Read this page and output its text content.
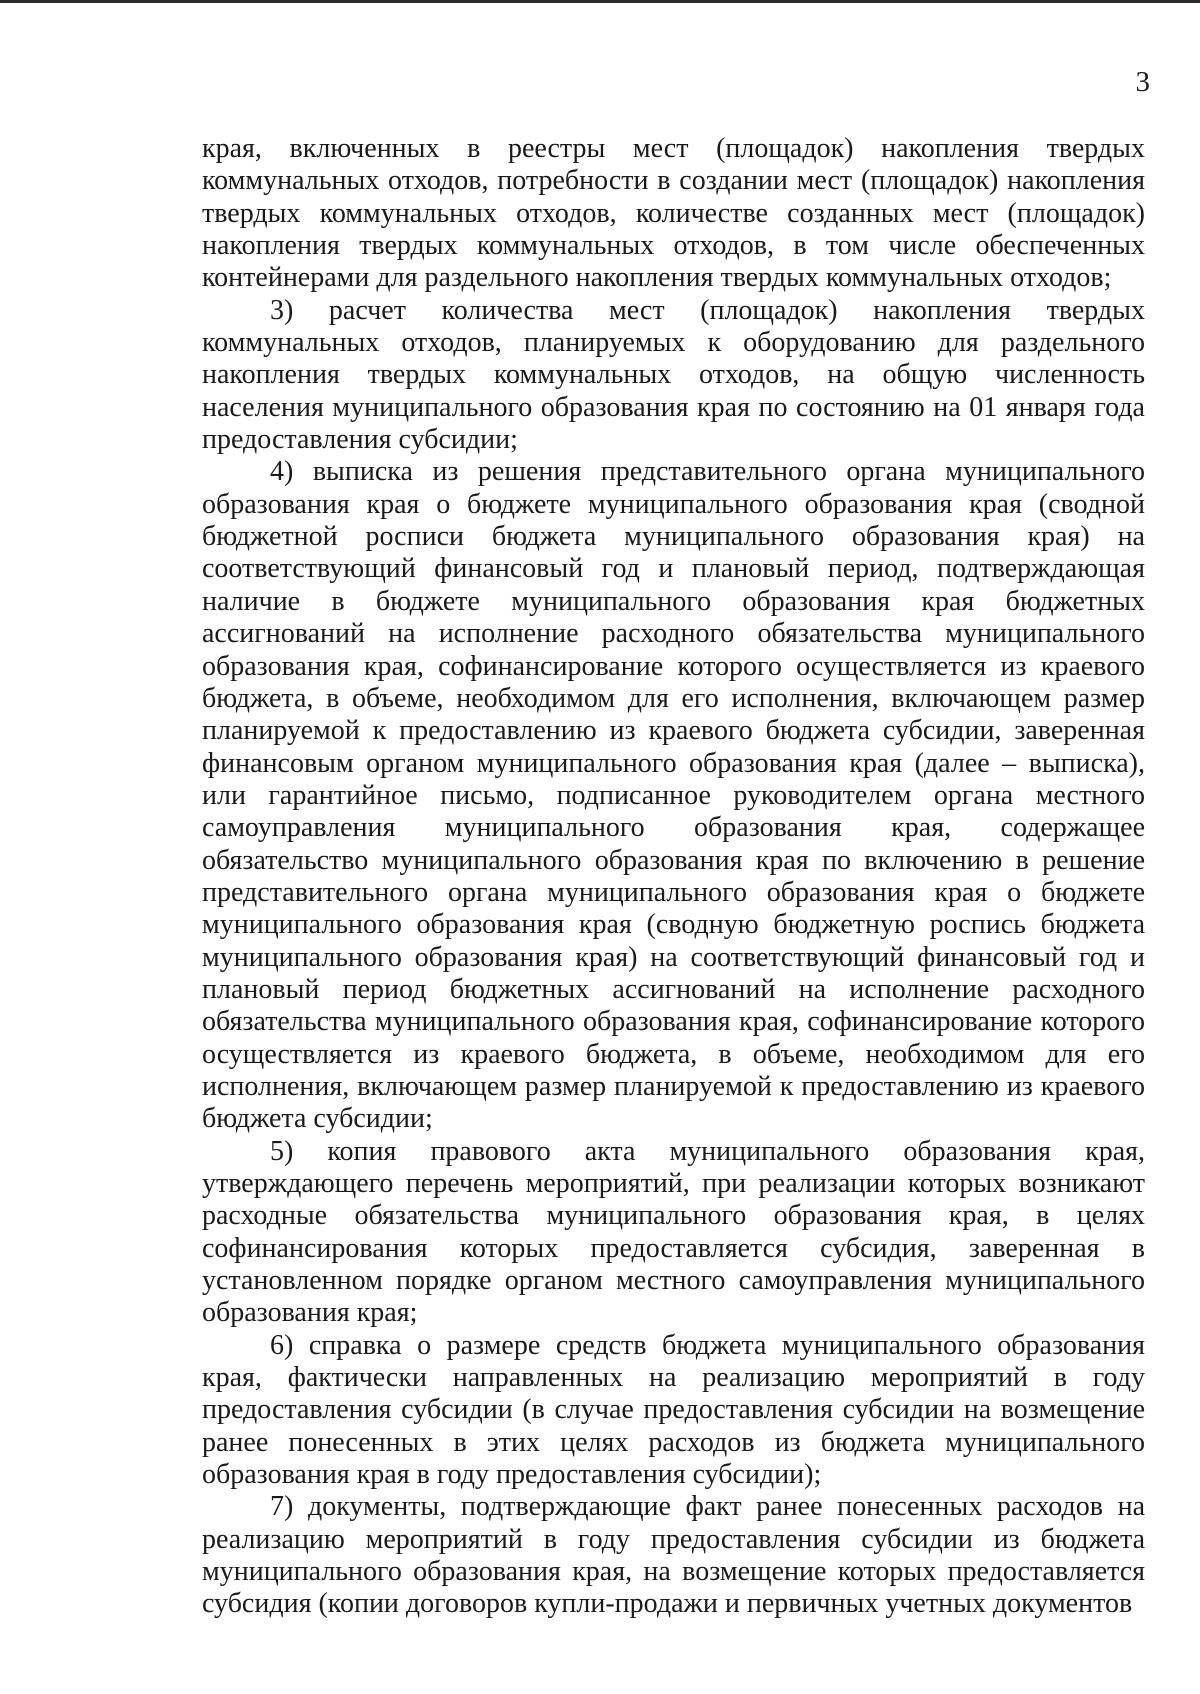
3

края, включенных в реестры мест (площадок) накопления твердых коммунальных отходов, потребности в создании мест (площадок) накопления твердых коммунальных отходов, количестве созданных мест (площадок) накопления твердых коммунальных отходов, в том числе обеспеченных контейнерами для раздельного накопления твердых коммунальных отходов;

3) расчет количества мест (площадок) накопления твердых коммунальных отходов, планируемых к оборудованию для раздельного накопления твердых коммунальных отходов, на общую численность населения муниципального образования края по состоянию на 01 января года предоставления субсидии;

4) выписка из решения представительного органа муниципального образования края о бюджете муниципального образования края (сводной бюджетной росписи бюджета муниципального образования края) на соответствующий финансовый год и плановый период, подтверждающая наличие в бюджете муниципального образования края бюджетных ассигнований на исполнение расходного обязательства муниципального образования края, софинансирование которого осуществляется из краевого бюджета, в объеме, необходимом для его исполнения, включающем размер планируемой к предоставлению из краевого бюджета субсидии, заверенная финансовым органом муниципального образования края (далее – выписка), или гарантийное письмо, подписанное руководителем органа местного самоуправления муниципального образования края, содержащее обязательство муниципального образования края по включению в решение представительного органа муниципального образования края о бюджете муниципального образования края (сводную бюджетную роспись бюджета муниципального образования края) на соответствующий финансовый год и плановый период бюджетных ассигнований на исполнение расходного обязательства муниципального образования края, софинансирование которого осуществляется из краевого бюджета, в объеме, необходимом для его исполнения, включающем размер планируемой к предоставлению из краевого бюджета субсидии;

5) копия правового акта муниципального образования края, утверждающего перечень мероприятий, при реализации которых возникают расходные обязательства муниципального образования края, в целях софинансирования которых предоставляется субсидия, заверенная в установленном порядке органом местного самоуправления муниципального образования края;

6) справка о размере средств бюджета муниципального образования края, фактически направленных на реализацию мероприятий в году предоставления субсидии (в случае предоставления субсидии на возмещение ранее понесенных в этих целях расходов из бюджета муниципального образования края в году предоставления субсидии);

7) документы, подтверждающие факт ранее понесенных расходов на реализацию мероприятий в году предоставления субсидии из бюджета муниципального образования края, на возмещение которых предоставляется субсидия (копии договоров купли-продажи и первичных учетных документов
